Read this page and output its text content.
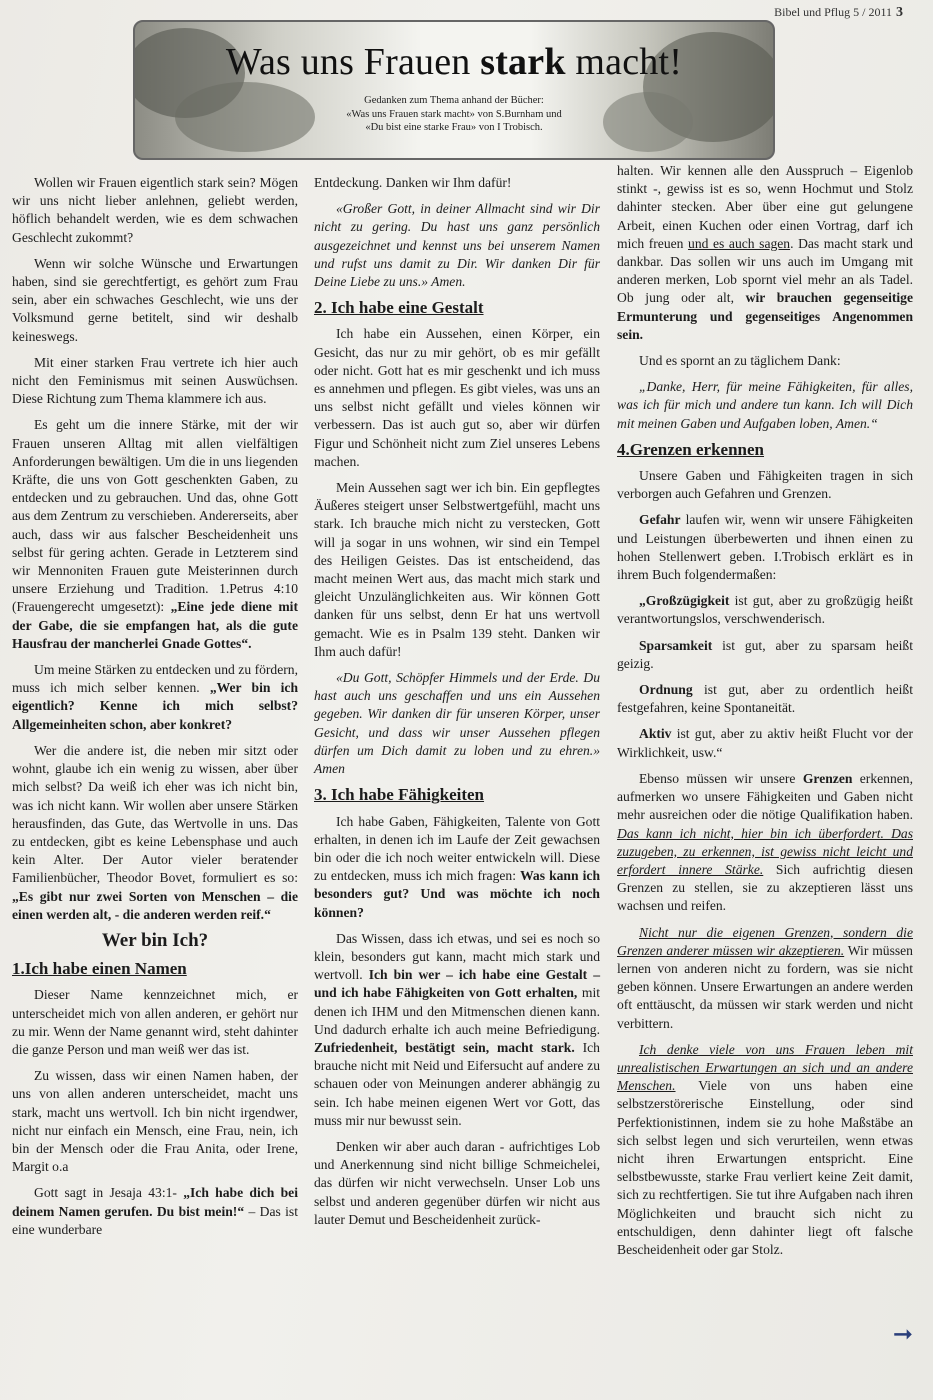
Bibel und Pflug 5 / 2011 3
Was uns Frauen stark macht!
Gedanken zum Thema anhand der Bücher:
«Was uns Frauen stark macht» von S.Burnham und
«Du bist eine starke Frau» von I Trobisch.

Wollen wir Frauen eigentlich stark sein? Mögen wir uns nicht lieber anlehnen, geliebt werden, höflich behandelt werden, wie es dem schwachen Geschlecht zukommt?

Wenn wir solche Wünsche und Erwartungen haben, sind sie gerechtfertigt, es gehört zum Frau sein, aber ein schwaches Geschlecht, wie uns der Volksmund gerne betitelt, sind wir deshalb keineswegs.

Mit einer starken Frau vertrete ich hier auch nicht den Feminismus mit seinen Auswüchsen. Diese Richtung zum Thema klammere ich aus.

Es geht um die innere Stärke, mit der wir Frauen unseren Alltag mit allen vielfältigen Anforderungen bewältigen. Um die in uns liegenden Kräfte, die uns von Gott geschenkten Gaben, zu entdecken und zu gebrauchen. Und das, ohne Gott aus dem Zentrum zu verschieben. Andererseits, aber auch, dass wir aus falscher Bescheidenheit uns selbst für gering achten. Gerade in Letzterem sind wir Mennoniten Frauen gute Meisterinnen durch unsere Erziehung und Tradition. 1.Petrus 4:10 (Frauengerecht umgesetzt): „Eine jede diene mit der Gabe, die sie empfangen hat, als die gute Hausfrau der mancherlei Gnade Gottes“.

Um meine Stärken zu entdecken und zu fördern, muss ich mich selber kennen. „Wer bin ich eigentlich? Kenne ich mich selbst? Allgemeinheiten schon, aber konkret?

Wer die andere ist, die neben mir sitzt oder wohnt, glaube ich ein wenig zu wissen, aber über mich selbst? Da weiß ich eher was ich nicht bin, was ich nicht kann. Wir wollen aber unsere Stärken herausfinden, das Gute, das Wertvolle in uns. Das zu entdecken, gibt es keine Lebensphase und auch kein Alter. Der Autor vieler beratender Familienbücher, Theodor Bovet, formuliert es so: „Es gibt nur zwei Sorten von Menschen – die einen werden alt, - die anderen werden reif.“

Wer bin Ich?
1.Ich habe einen Namen

Dieser Name kennzeichnet mich, er unterscheidet mich von allen anderen, er gehört nur zu mir. Wenn der Name genannt wird, steht dahinter die ganze Person und man weiß wer das ist.

Zu wissen, dass wir einen Namen haben, der uns von allen anderen unterscheidet, macht uns stark, macht uns wertvoll. Ich bin nicht irgendwer, nicht nur einfach ein Mensch, eine Frau, nein, ich bin der Mensch oder die Frau Anita, oder Irene, Margit o.a

Gott sagt in Jesaja 43:1- „Ich habe dich bei deinem Namen gerufen. Du bist mein!“ – Das ist eine wunderbare

Entdeckung. Danken wir Ihm dafür!

«Großer Gott, in deiner Allmacht sind wir Dir nicht zu gering. Du hast uns ganz persönlich ausgezeichnet und kennst uns bei unserem Namen und rufst uns damit zu Dir. Wir danken Dir für Deine Liebe zu uns.» Amen.

2. Ich habe eine Gestalt

Ich habe ein Aussehen, einen Körper, ein Gesicht, das nur zu mir gehört, ob es mir gefällt oder nicht. Gott hat es mir geschenkt und ich muss es annehmen und pflegen. Es gibt vieles, was uns an uns selbst nicht gefällt und vieles können wir verbessern. Das ist auch gut so, aber wir dürfen Figur und Schönheit nicht zum Ziel unseres Lebens machen.

Mein Aussehen sagt wer ich bin. Ein gepflegtes Äußeres steigert unser Selbstwertgefühl, macht uns stark. Ich brauche mich nicht zu verstecken, Gott will ja sogar in uns wohnen, wir sind ein Tempel des Heiligen Geistes. Das ist entscheidend, das macht meinen Wert aus, das macht mich stark und gleicht Unzulänglichkeiten aus. Wir können Gott danken für uns selbst, denn Er hat uns wertvoll gemacht. Wie es in Psalm 139 steht. Danken wir Ihm auch dafür!

«Du Gott, Schöpfer Himmels und der Erde. Du hast auch uns geschaffen und uns ein Aussehen gegeben. Wir danken dir für unseren Körper, unser Gesicht, und dass wir unser Aussehen pflegen dürfen um Dich damit zu loben und zu ehren.» Amen

3. Ich habe Fähigkeiten

Ich habe Gaben, Fähigkeiten, Talente von Gott erhalten, in denen ich im Laufe der Zeit gewachsen bin oder die ich noch weiter entwickeln will. Diese zu entdecken, muss ich mich fragen: Was kann ich besonders gut? Und was möchte ich noch können?

Das Wissen, dass ich etwas, und sei es noch so klein, besonders gut kann, macht mich stark und wertvoll. Ich bin wer – ich habe eine Gestalt – und ich habe Fähigkeiten von Gott erhalten, mit denen ich IHM und den Mitmenschen dienen kann. Und dadurch erhalte ich auch meine Befriedigung. Zufriedenheit, bestätigt sein, macht stark. Ich brauche nicht mit Neid und Eifersucht auf andere zu schauen oder von Meinungen anderer abhängig zu sein. Ich habe meinen eigenen Wert vor Gott, das muss mir nur bewusst sein.

Denken wir aber auch daran - aufrichtiges Lob und Anerkennung sind nicht billige Schmeichelei, das dürfen wir nicht verwechseln. Unser Lob uns selbst und anderen gegenüber dürfen wir nicht aus lauter Demut und Bescheidenheit zurück-

halten. Wir kennen alle den Ausspruch – Eigenlob stinkt -, gewiss ist es so, wenn Hochmut und Stolz dahinter stecken. Aber über eine gut gelungene Arbeit, einen Kuchen oder einen Vortrag, darf ich mich freuen und es auch sagen. Das macht stark und dankbar. Das sollen wir uns auch im Umgang mit anderen merken, Lob spornt viel mehr an als Tadel. Ob jung oder alt, wir brauchen gegenseitige Ermunterung und gegenseitiges Angenommen sein.

Und es spornt an zu täglichem Dank:

„Danke, Herr, für meine Fähigkeiten, für alles, was ich für mich und andere tun kann. Ich will Dich mit meinen Gaben und Aufgaben loben, Amen.“

4.Grenzen erkennen

Unsere Gaben und Fähigkeiten tragen in sich verborgen auch Gefahren und Grenzen.

Gefahr laufen wir, wenn wir unsere Fähigkeiten und Leistungen überbewerten und ihnen einen zu hohen Stellenwert geben. I.Trobisch erklärt es in ihrem Buch folgendermaßen:

„Großzügigkeit ist gut, aber zu großzügig heißt verantwortungslos, verschwenderisch.

Sparsamkeit ist gut, aber zu sparsam heißt geizig.

Ordnung ist gut, aber zu ordentlich heißt festgefahren, keine Spontaneität.

Aktiv ist gut, aber zu aktiv heißt Flucht vor der Wirklichkeit, usw.“

Ebenso müssen wir unsere Grenzen erkennen, aufmerken wo unsere Fähigkeiten und Gaben nicht mehr ausreichen oder die nötige Qualifikation haben. Das kann ich nicht, hier bin ich überfordert. Das zuzugeben, zu erkennen, ist gewiss nicht leicht und erfordert innere Stärke. Sich aufrichtig diesen Grenzen zu stellen, sie zu akzeptieren lässt uns wachsen und reifen.

Nicht nur die eigenen Grenzen, sondern die Grenzen anderer müssen wir akzeptieren. Wir müssen lernen von anderen nicht zu fordern, was sie nicht geben können. Unsere Erwartungen an andere werden oft enttäuscht, da müssen wir stark werden und nicht verbittern.

Ich denke viele von uns Frauen leben mit unrealistischen Erwartungen an sich und an andere Menschen. Viele von uns haben eine selbstzerstörerische Einstellung, oder sind Perfektionistinnen, indem sie zu hohe Maßstäbe an sich selbst legen und sich verurteilen, wenn etwas nicht ihren Erwartungen entspricht. Eine selbstbewusste, starke Frau verliert keine Zeit damit, sich zu rechtfertigen. Sie tut ihre Aufgaben nach ihren Möglichkeiten und braucht sich nicht zu entschuldigen, denn dahinter liegt oft falsche Bescheidenheit oder gar Stolz.

➞
